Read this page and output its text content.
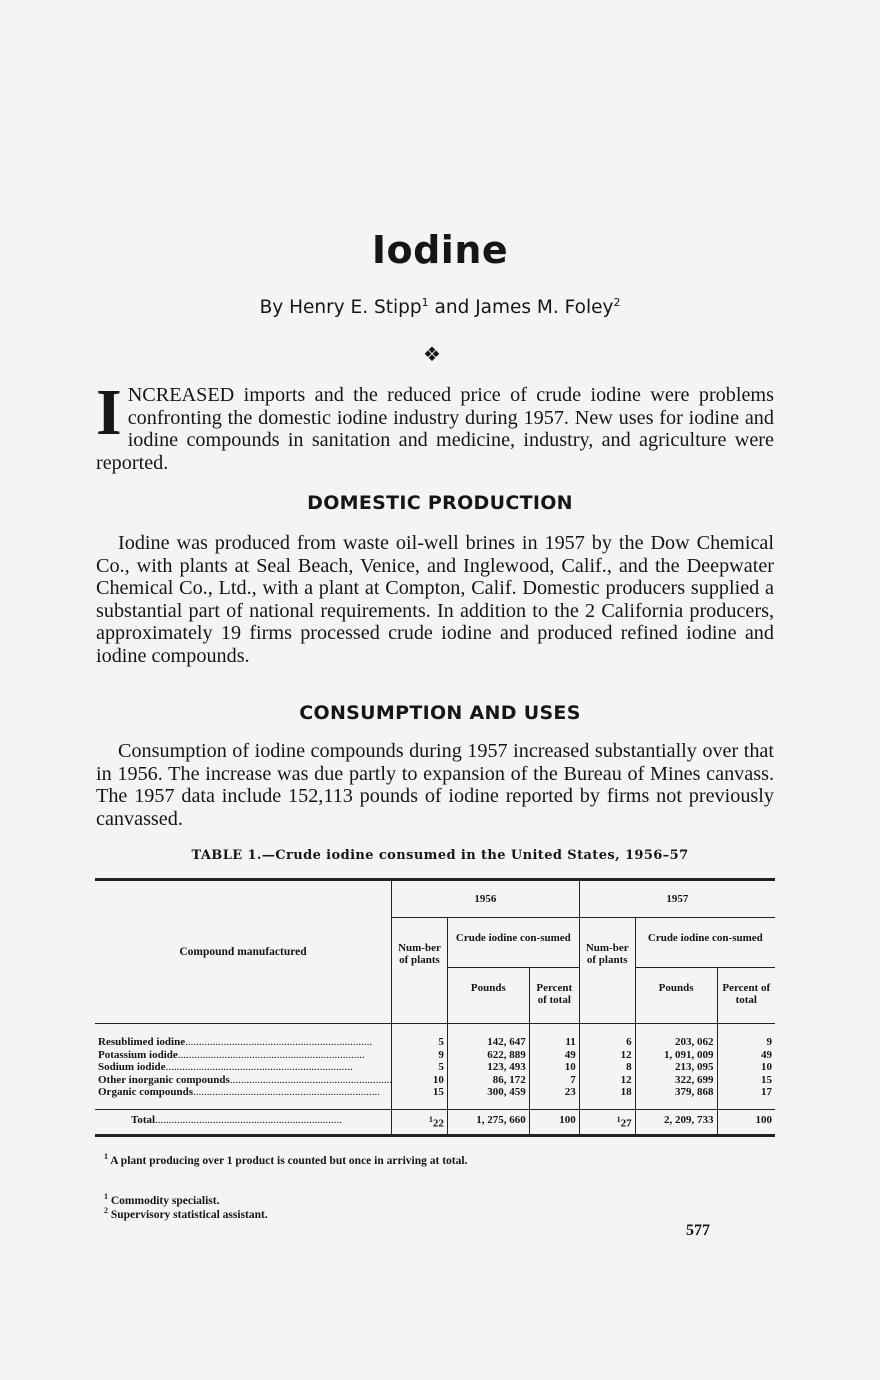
Iodine
By Henry E. Stipp$^1$ and James M. Foley$^2$
❖

INCREASED imports and the reduced price of crude iodine were problems confronting the domestic iodine industry during 1957. New uses for iodine and iodine compounds in sanitation and medicine, industry, and agriculture were reported.

DOMESTIC PRODUCTION

Iodine was produced from waste oil-well brines in 1957 by the Dow Chemical Co., with plants at Seal Beach, Venice, and Inglewood, Calif., and the Deepwater Chemical Co., Ltd., with a plant at Compton, Calif. Domestic producers supplied a substantial part of national requirements. In addition to the 2 California producers, approximately 19 firms processed crude iodine and produced refined iodine and iodine compounds.

CONSUMPTION AND USES

Consumption of iodine compounds during 1957 increased substantially over that in 1956. The increase was due partly to expansion of the Bureau of Mines canvass. The 1957 data include 152,113 pounds of iodine reported by firms not previously canvassed.

TABLE 1.—Crude iodine consumed in the United States, 1956–57
Compound manufactured	1956			1957		
	Num-ber of plants	Crude iodine con-sumed		Num-ber of plants	Crude iodine con-sumed	
		Pounds	Percent of total		Pounds	Percent of total

Resublimed iodine .....	5	142, 647	11	6	203, 062	9
Potassium iodide .....	9	622, 889	49	12	1, 091, 009	49
Sodium iodide .....	5	123, 493	10	8	213, 095	10
Other inorganic compounds .....	10	86, 172	7	12	322, 699	15
Organic compounds .....	15	300, 459	23	18	379, 868	17

Total .....	$^1$22	1, 275, 660	100	$^1$27	2, 209, 733	100
$^1$ A plant producing over 1 product is counted but once in arriving at total.
$^1$ Commodity specialist.
$^2$ Supervisory statistical assistant.
577
